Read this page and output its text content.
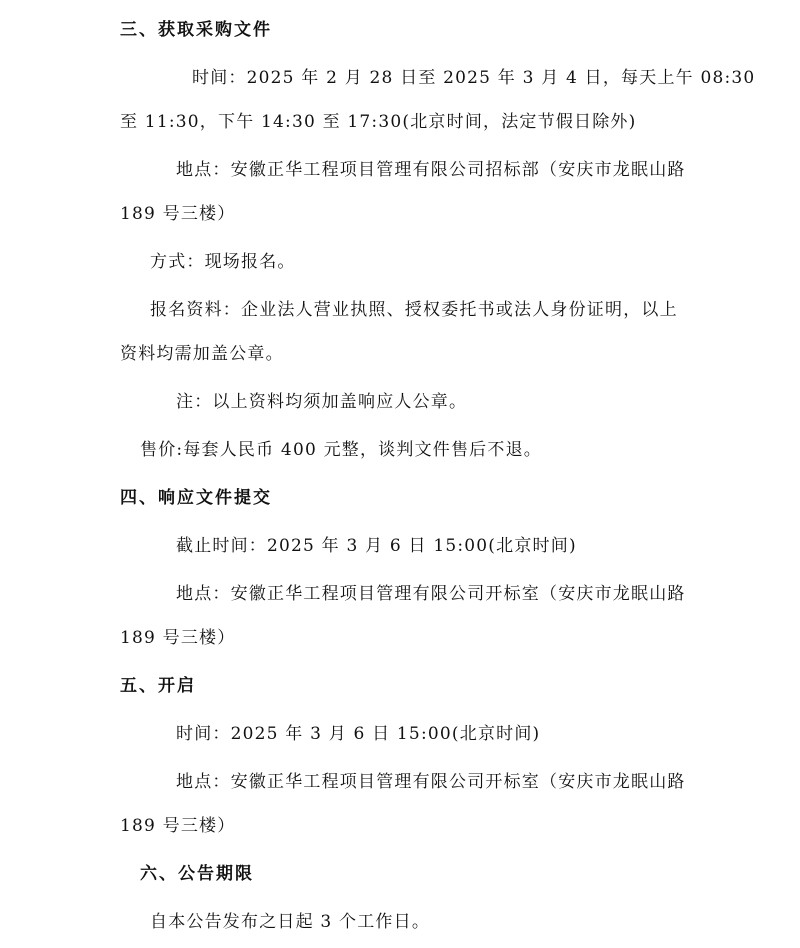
三、获取采购文件
时间：2025 年 2 月 28 日至 2025 年 3 月 4 日，每天上午 08:30
至 11:30，下午 14:30 至 17:30(北京时间，法定节假日除外)
地点：安徽正华工程项目管理有限公司招标部（安庆市龙眠山路
189 号三楼）
方式：现场报名。
报名资料：企业法人营业执照、授权委托书或法人身份证明，以上
资料均需加盖公章。
注：以上资料均须加盖响应人公章。
售价:每套人民币 400 元整，谈判文件售后不退。
四、响应文件提交
截止时间：2025 年 3 月 6 日 15:00(北京时间)
地点：安徽正华工程项目管理有限公司开标室（安庆市龙眠山路
189 号三楼）
五、开启
时间：2025 年 3 月 6 日 15:00(北京时间)
地点：安徽正华工程项目管理有限公司开标室（安庆市龙眠山路
189 号三楼）
六、公告期限
自本公告发布之日起 3 个工作日。
